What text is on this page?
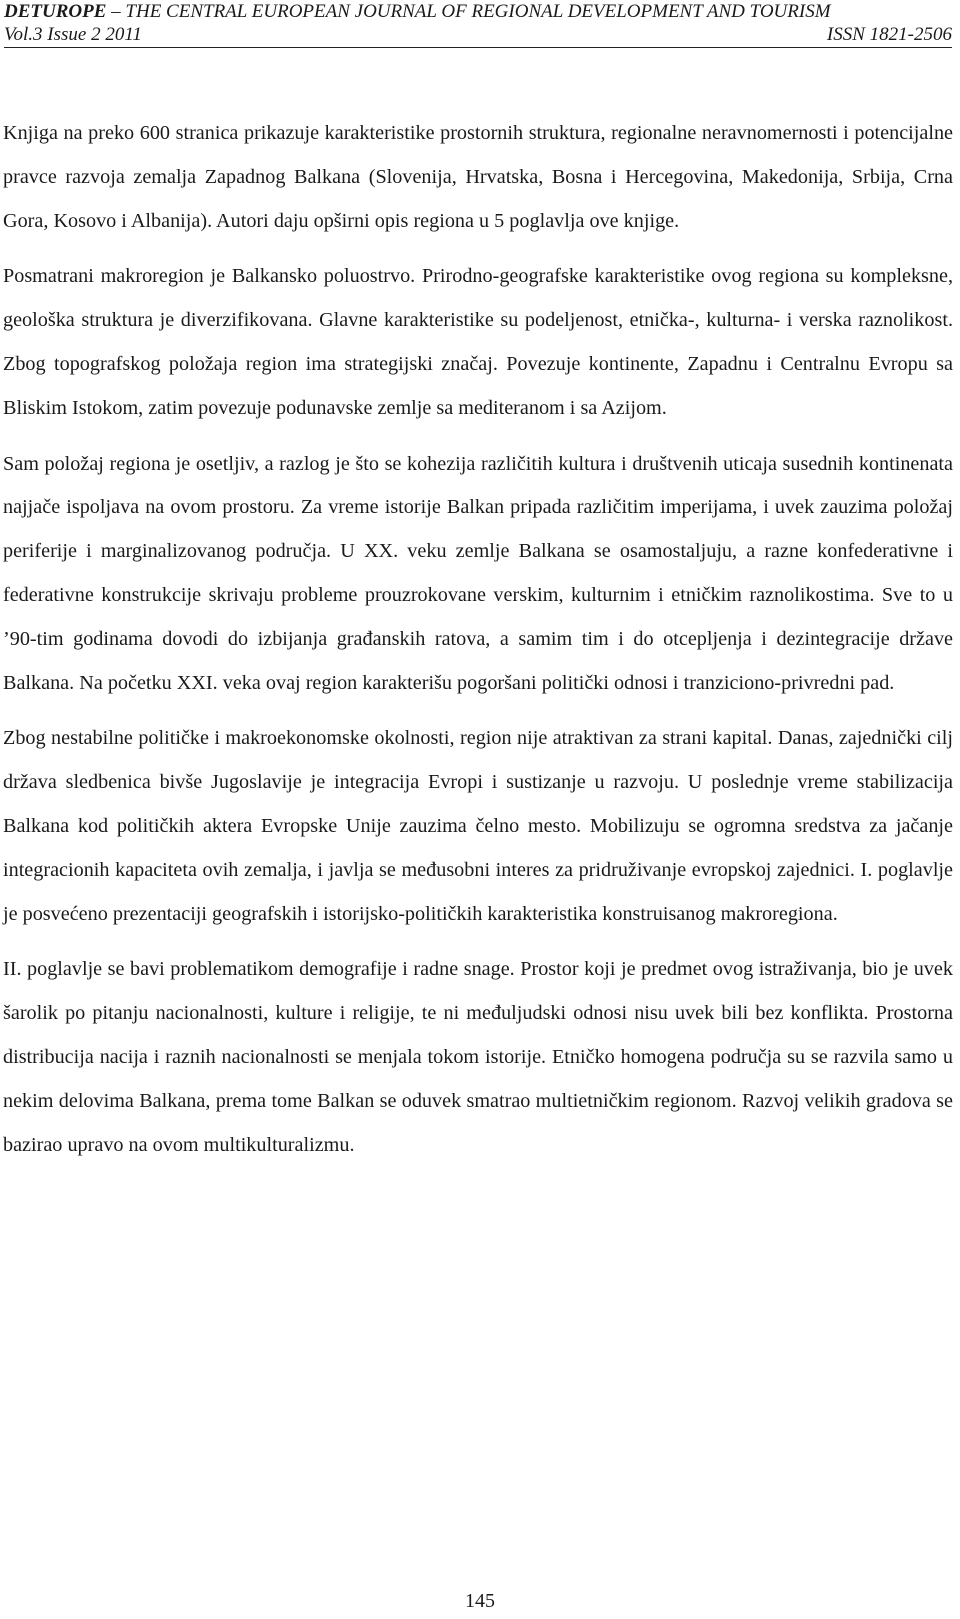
DETUROPE – THE CENTRAL EUROPEAN JOURNAL OF REGIONAL DEVELOPMENT AND TOURISM
Vol.3 Issue 2 2011	ISSN 1821-2506

Knjiga na preko 600 stranica prikazuje karakteristike prostornih struktura, regionalne neravnomernosti i potencijalne pravce razvoja zemalja Zapadnog Balkana (Slovenija, Hrvatska, Bosna i Hercegovina, Makedonija, Srbija, Crna Gora, Kosovo i Albanija). Autori daju opširni opis regiona u 5 poglavlja ove knjige.

Posmatrani makroregion je Balkansko poluostrvo. Prirodno-geografske karakteristike ovog regiona su kompleksne, geološka struktura je diverzifikovana. Glavne karakteristike su podeljenost, etnička-, kulturna- i verska raznolikost. Zbog topografskog položaja region ima strategijski značaj. Povezuje kontinente, Zapadnu i Centralnu Evropu sa Bliskim Istokom, zatim povezuje podunavske zemlje sa mediteranom i sa Azijom.

Sam položaj regiona je osetljiv, a razlog je što se kohezija različitih kultura i društvenih uticaja susednih kontinenata najjače ispoljava na ovom prostoru. Za vreme istorije Balkan pripada različitim imperijama, i uvek zauzima položaj periferije i marginalizovanog područja. U XX. veku zemlje Balkana se osamostaljuju, a razne konfederativne i federativne konstrukcije skrivaju probleme prouzrokovane verskim, kulturnim i etničkim raznolikostima. Sve to u ’90-tim godinama dovodi do izbijanja građanskih ratova, a samim tim i do otcepljenja i dezintegracije države Balkana. Na početku XXI. veka ovaj region karakterišu pogoršani politički odnosi i tranziciono-privredni pad.

Zbog nestabilne političke i makroekonomske okolnosti, region nije atraktivan za strani kapital. Danas, zajednički cilj država sledbenica bivše Jugoslavije je integracija Evropi i sustizanje u razvoju. U poslednje vreme stabilizacija Balkana kod političkih aktera Evropske Unije zauzima čelno mesto. Mobilizuju se ogromna sredstva za jačanje integracionih kapaciteta ovih zemalja, i javlja se međusobni interes za pridruživanje evropskoj zajednici. I. poglavlje je posvećeno prezentaciji geografskih i istorijsko-političkih karakteristika konstruisanog makroregiona.

II. poglavlje se bavi problematikom demografije i radne snage. Prostor koji je predmet ovog istraživanja, bio je uvek šarolik po pitanju nacionalnosti, kulture i religije, te ni međuljudski odnosi nisu uvek bili bez konflikta. Prostorna distribucija nacija i raznih nacionalnosti se menjala tokom istorije. Etničko homogena područja su se razvila samo u nekim delovima Balkana, prema tome Balkan se oduvek smatrao multietničkim regionom. Razvoj velikih gradova se bazirao upravo na ovom multikulturalizmu.

145
